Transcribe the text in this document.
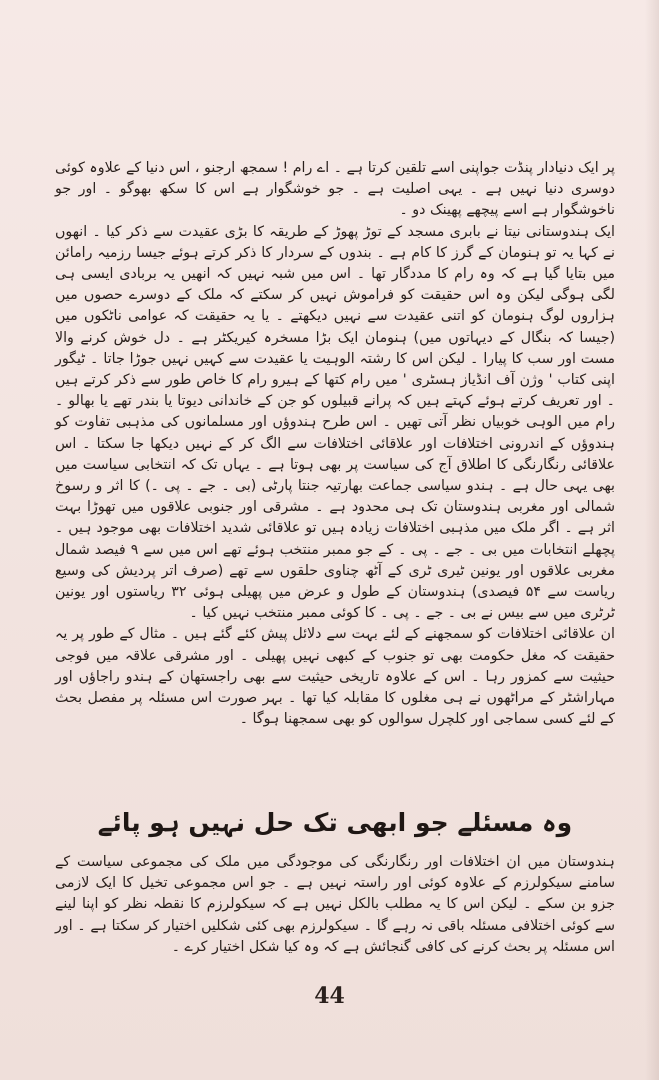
پر ایک دنیادار پنڈت جواپنی اسے تلقین کرتا ہے ۔ اے رام ! سمجھ ارجنو ، اس دنیا کے علاوہ کوئی دوسری دنیا نہیں ہے ۔ یہی اصلیت ہے ۔ جو خوشگوار ہے اس کا سکھ بھوگو ۔ اور جو ناخوشگوار ہے اسے پیچھے پھینک دو ۔

ایک ہندوستانی نیتا نے بابری مسجد کے توڑ پھوڑ کے طریقہ کا بڑی عقیدت سے ذکر کیا ۔ انھوں نے کہا یہ تو ہنومان کے گرز کا کام ہے ۔ بندوں کے سردار کا ذکر کرتے ہوئے جیسا رزمیہ رامائن میں بتایا گیا ہے کہ وہ رام کا مددگار تھا ۔ اس میں شبہ نہیں کہ انھیں یہ بربادی ایسی ہی لگی ہوگی لیکن وہ اس حقیقت کو فراموش نہیں کر سکتے کہ ملک کے دوسرے حصوں میں ہزاروں لوگ ہنومان کو اتنی عقیدت سے نہیں دیکھتے ۔ یا یہ حقیقت کہ عوامی ناٹکوں میں (جیسا کہ بنگال کے دیہاتوں میں) ہنومان ایک بڑا مسخرہ کیریکٹر ہے ۔ دل خوش کرنے والا مست اور سب کا پیارا ۔ لیکن اس کا رشتہ الوہیت یا عقیدت سے کہیں نہیں جوڑا جاتا ۔ ٹیگور اپنی کتاب ' وژن آف انڈیاز ہسٹری ' میں رام کتھا کے ہیرو رام کا خاص طور سے ذکر کرتے ہیں ۔ اور تعریف کرتے ہوئے کہتے ہیں کہ پرانے قبیلوں کو جن کے خاندانی دیوتا یا بندر تھے یا بھالو ۔ رام میں الوہی خوبیاں نظر آتی تھیں ۔ اس طرح ہندوؤں اور مسلمانوں کی مذہبی تفاوت کو ہندوؤں کے اندرونی اختلافات اور علاقائی اختلافات سے الگ کر کے نہیں دیکھا جا سکتا ۔ اس علاقائی رنگارنگی کا اطلاق آج کی سیاست پر بھی ہوتا ہے ۔ یہاں تک کہ انتخابی سیاست میں بھی یہی حال ہے ۔ ہندو سیاسی جماعت بھارتیہ جنتا پارٹی (بی ۔ جے ۔ پی ۔) کا اثر و رسوخ شمالی اور مغربی ہندوستان تک ہی محدود ہے ۔ مشرقی اور جنوبی علاقوں میں تھوڑا بہت اثر ہے ۔ اگر ملک میں مذہبی اختلافات زیادہ ہیں تو علاقائی شدید اختلافات بھی موجود ہیں ۔ پچھلے انتخابات میں بی ۔ جے ۔ پی ۔ کے جو ممبر منتخب ہوئے تھے اس میں سے ۹ فیصد شمال مغربی علاقوں اور یونین ٹیری ٹری کے آٹھ چناوی حلقوں سے تھے (صرف اتر پردیش کی وسیع ریاست سے ۵۴ فیصدی) ہندوستان کے طول و عرض میں پھیلی ہوئی ۳۲ ریاستوں اور یونین ٹرٹری میں سے بیس نے بی ۔ جے ۔ پی ۔ کا کوئی ممبر منتخب نہیں کیا ۔

ان علاقائی اختلافات کو سمجھنے کے لئے بہت سے دلائل پیش کئے گئے ہیں ۔ مثال کے طور پر یہ حقیقت کہ مغل حکومت بھی تو جنوب کے کبھی نہیں پھیلی ۔ اور مشرقی علاقہ میں فوجی حیثیت سے کمزور رہا ۔ اس کے علاوہ تاریخی حیثیت سے بھی راجستھان کے ہندو راجاؤں اور مہاراشٹر کے مراٹھوں نے ہی مغلوں کا مقابلہ کیا تھا ۔ بہر صورت اس مسئلہ پر مفصل بحث کے لئے کسی سماجی اور کلچرل سوالوں کو بھی سمجھنا ہوگا ۔

وہ مسئلے جو ابھی تک حل نہیں ہو پائے

ہندوستان میں ان اختلافات اور رنگارنگی کی موجودگی میں ملک کی مجموعی سیاست کے سامنے سیکولرزم کے علاوہ کوئی اور راستہ نہیں ہے ۔ جو اس مجموعی تخیل کا ایک لازمی جزو بن سکے ۔ لیکن اس کا یہ مطلب بالکل نہیں ہے کہ سیکولرزم کا نقطہ نظر کو اپنا لینے سے کوئی اختلافی مسئلہ باقی نہ رہے گا ۔ سیکولرزم بھی کئی شکلیں اختیار کر سکتا ہے ۔ اور اس مسئلہ پر بحث کرنے کی کافی گنجائش ہے کہ وہ کیا شکل اختیار کرے ۔

44
